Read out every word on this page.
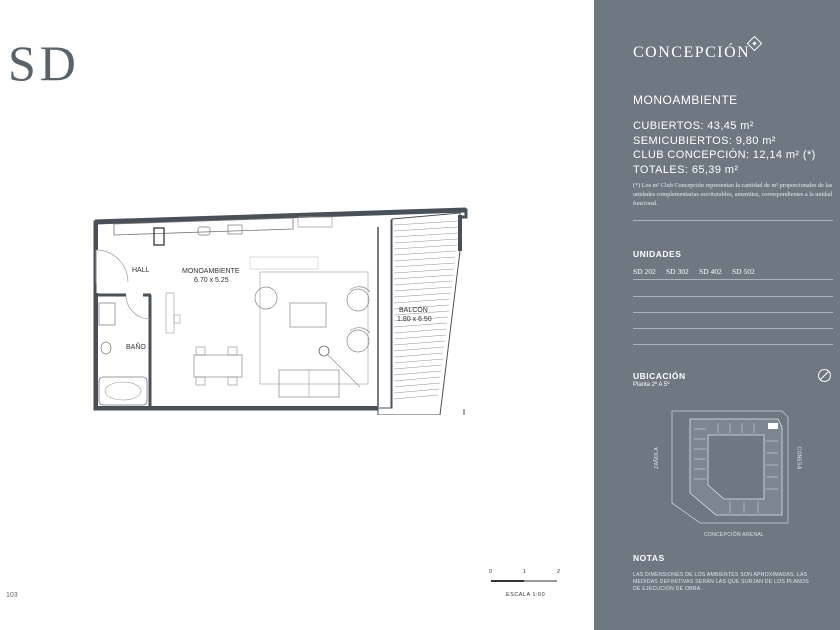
SD
HALL	MONOAMBIENTE
6.70 x 5.25
BAÑO
BALCÓN
1.80 x 6.50
0	1	2
ESCALA 1:60
103
CONCEPCIÓN
MONOAMBIENTE
CUBIERTOS: 43,45 m²
SEMICUBIERTOS: 9,80 m²
CLUB CONCEPCIÓN: 12,14 m² (*)
TOTALES: 65,39 m²
(*) Los m² Club Concepción representan la cantidad de m² proporcionales de las unidades complementarias escriturables, amenities, correspondientes a la unidad funcional.
UNIDADES
SD 202 SD 302 SD 402 SD 502
UBICACIÓN
Planta 2º A 5º
ZAÑOLA	CONESA
CONCEPCIÓN ARENAL
NOTAS
LAS DIMENSIONES DE LOS AMBIENTES SON APROXIMADAS. LAS MEDIDAS DEFINITIVAS SERÁN LAS QUE SURJAN DE LOS PLANOS DE EJECUCIÓN DE OBRA.
